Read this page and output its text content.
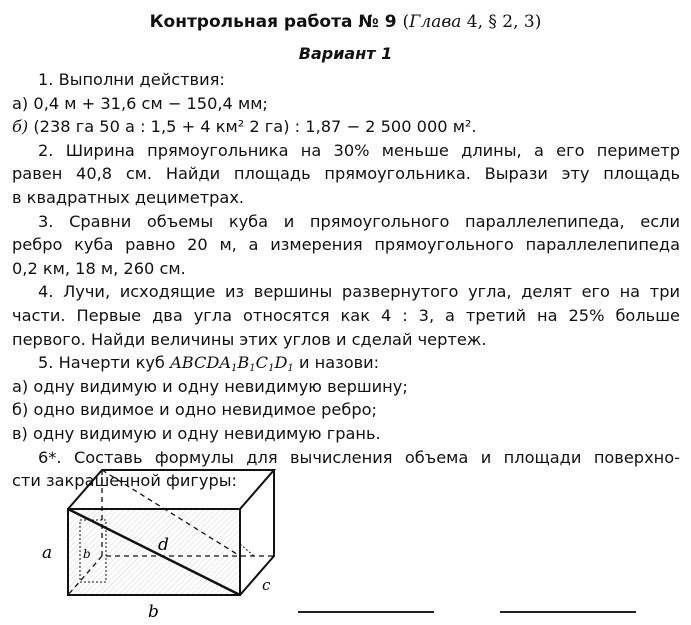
Контрольная работа № 9 (Глава 4, § 2, 3)
Вариант 1

1. Выполни действия:

а) 0,4 м + 31,6 см − 150,4 мм;

б) (238 га 50 а : 1,5 + 4 км² 2 га) : 1,87 − 2 500 000 м².

2. Ширина прямоугольника на 30% меньше длины, а его периметр

равен 40,8 см. Найди площадь прямоугольника. Вырази эту площадь

в квадратных дециметрах.

3. Сравни объемы куба и прямоугольного параллелепипеда, если

ребро куба равно 20 м, а измерения прямоугольного параллелепипеда

0,2 км, 18 м, 260 см.

4. Лучи, исходящие из вершины развернутого угла, делят его на три

части. Первые два угла относятся как 4 : 3, а третий на 25% больше

первого. Найди величины этих углов и сделай чертеж.

5. Начерти куб $ABCDA_1B_1C_1D_1$ и назови:

а) одну видимую и одну невидимую вершину;

б) одно видимое и одно невидимое ребро;

в) одну видимую и одну невидимую грань.

6*. Составь формулы для вычисления объема и площади поверхно-

сти закрашенной фигуры:

a	b	d
b
c
